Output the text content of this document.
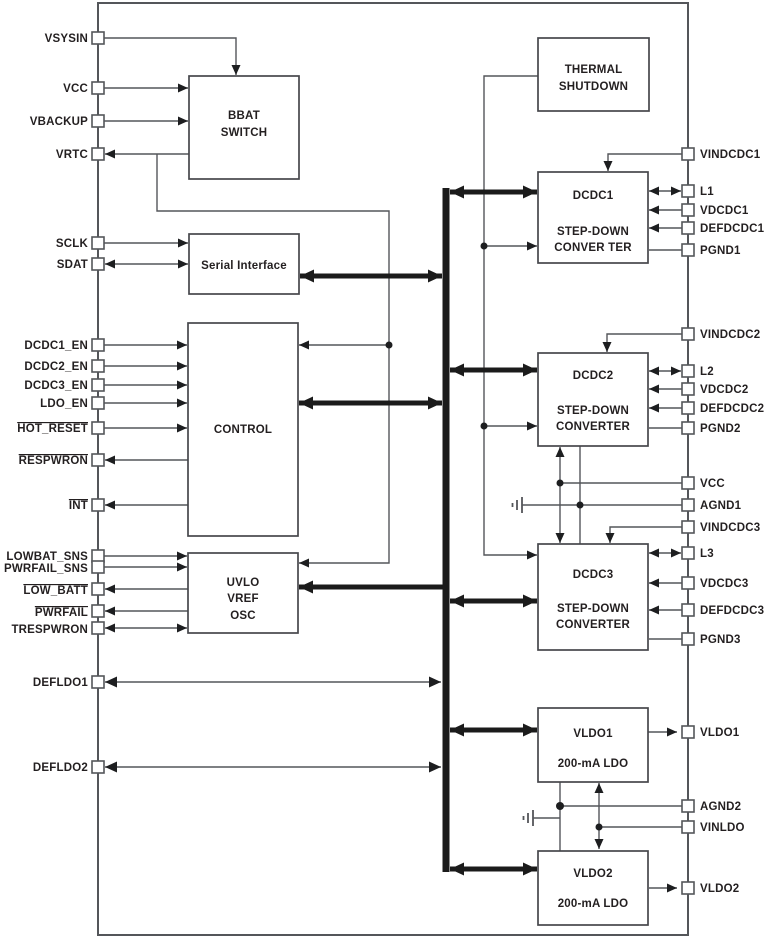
THERMAL
SHUTDOWN
BBAT
SWITCH
Serial Interface
CONTROL
UVLO
VREF
OSC
DCDC1
STEP-DOWN
CONVER TER
DCDC2
STEP-DOWN
CONVERTER
DCDC3
STEP-DOWN
CONVERTER
VLDO1
200-mA LDO
VLDO2
200-mA LDO
VSYSIN
VCC
VBACKUP
VRTC
SCLK
SDAT
DCDC1_EN
DCDC2_EN
DCDC3_EN
LDO_EN
HOT_RESET
RESPWRON
INT
LOWBAT_SNS
PWRFAIL_SNS
LOW_BATT
PWRFAIL
TRESPWRON
DEFLDO1
DEFLDO2
VINDCDC1
L1
VDCDC1
DEFDCDC1
PGND1
VINDCDC2
L2
VDCDC2
DEFDCDC2
PGND2
VCC
AGND1
VINDCDC3
L3
VDCDC3
DEFDCDC3
PGND3
VLDO1
AGND2
VINLDO
VLDO2
